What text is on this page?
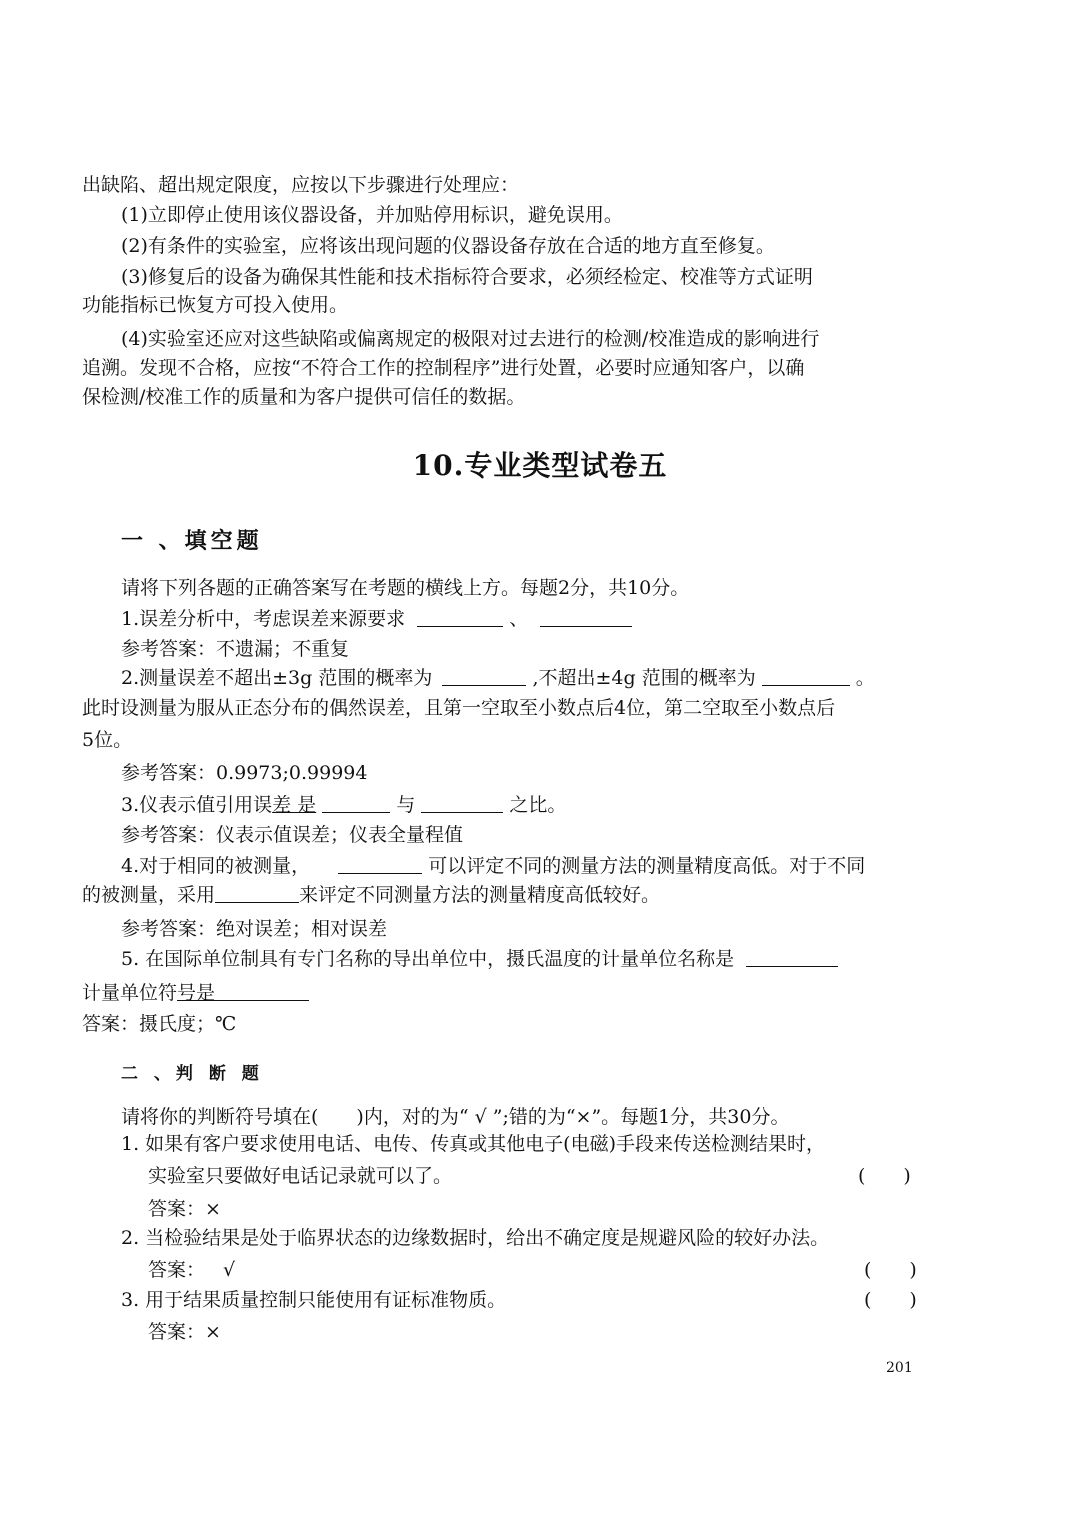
出缺陷、超出规定限度，应按以下步骤进行处理应：
(1)立即停止使用该仪器设备，并加贴停用标识，避免误用。
(2)有条件的实验室，应将该出现问题的仪器设备存放在合适的地方直至修复。
(3)修复后的设备为确保其性能和技术指标符合要求，必须经检定、校准等方式证明
功能指标已恢复方可投入使用。
(4)实验室还应对这些缺陷或偏离规定的极限对过去进行的检测/校准造成的影响进行
追溯。发现不合格，应按“不符合工作的控制程序”进行处置，必要时应通知客户，以确
保检测/校准工作的质量和为客户提供可信任的数据。
10.专业类型试卷五
一 、填空题
请将下列各题的正确答案写在考题的横线上方。每题2分，共10分。
1.误差分析中，考虑误差来源要求	、
参考答案：不遗漏；不重复
2.测量误差不超出±3g 范围的概率为	,不超出±4g 范围的概率为	。
此时设测量为服从正态分布的偶然误差，且第一空取至小数点后4位，第二空取至小数点后
5位。
参考答案：0.9973;0.99994
3.仪表示值引用误差 是	与	之比。
参考答案：仪表示值误差；仪表全量程值
4.对于相同的被测量，	可以评定不同的测量方法的测量精度高低。对于不同
的被测量，采用	来评定不同测量方法的测量精度高低较好。
参考答案：绝对误差；相对误差
5. 在国际单位制具有专门名称的导出单位中，摄氏温度的计量单位名称是
计量单位符号是
答案：摄氏度；℃
二 、判 断 题
请将你的判断符号填在(　　)内，对的为“ √ ”;错的为“×”。每题1分，共30分。
1. 如果有客户要求使用电话、电传、传真或其他电子(电磁)手段来传送检测结果时，
实验室只要做好电话记录就可以了。	(　　)
答案：×
2. 当检验结果是处于临界状态的边缘数据时，给出不确定度是规避风险的较好办法。
答案： √	(　　)
3. 用于结果质量控制只能使用有证标准物质。	(　　)
答案：×
201
